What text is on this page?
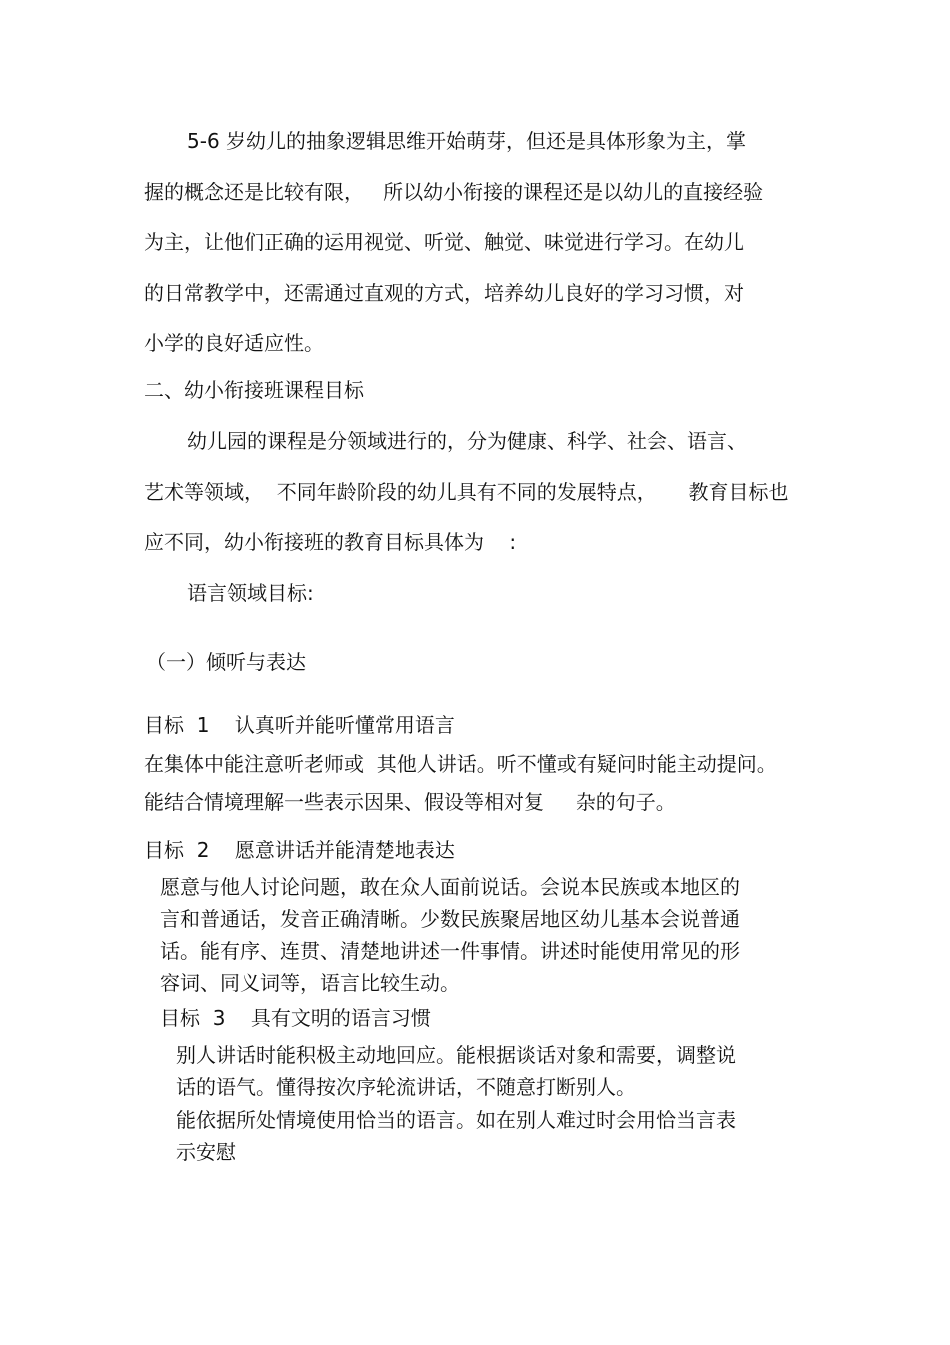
5-6 岁幼儿的抽象逻辑思维开始萌芽，但还是具体形象为主，掌

握的概念还是比较有限，   所以幼小衔接的课程还是以幼儿的直接经验

为主，让他们正确的运用视觉、听觉、触觉、味觉进行学习。在幼儿

的日常教学中，还需通过直观的方式，培养幼儿良好的学习习惯，对

小学的良好适应性。

二、幼小衔接班课程目标

幼儿园的课程是分领域进行的，分为健康、科学、社会、语言、

艺术等领域，  不同年龄阶段的幼儿具有不同的发展特点，     教育目标也

应不同，幼小衔接班的教育目标具体为    :

语言领域目标:

（一）倾听与表达

目标  1    认真听并能听懂常用语言

在集体中能注意听老师或  其他人讲话。听不懂或有疑问时能主动提问。

能结合情境理解一些表示因果、假设等相对复     杂的句子。

目标  2    愿意讲话并能清楚地表达

愿意与他人讨论问题，敢在众人面前说话。会说本民族或本地区的

言和普通话，发音正确清晰。少数民族聚居地区幼儿基本会说普通

话。能有序、连贯、清楚地讲述一件事情。讲述时能使用常见的形

容词、同义词等，语言比较生动。

目标  3    具有文明的语言习惯

别人讲话时能积极主动地回应。能根据谈话对象和需要，调整说

话的语气。懂得按次序轮流讲话，不随意打断别人。

能依据所处情境使用恰当的语言。如在别人难过时会用恰当言表

示安慰
